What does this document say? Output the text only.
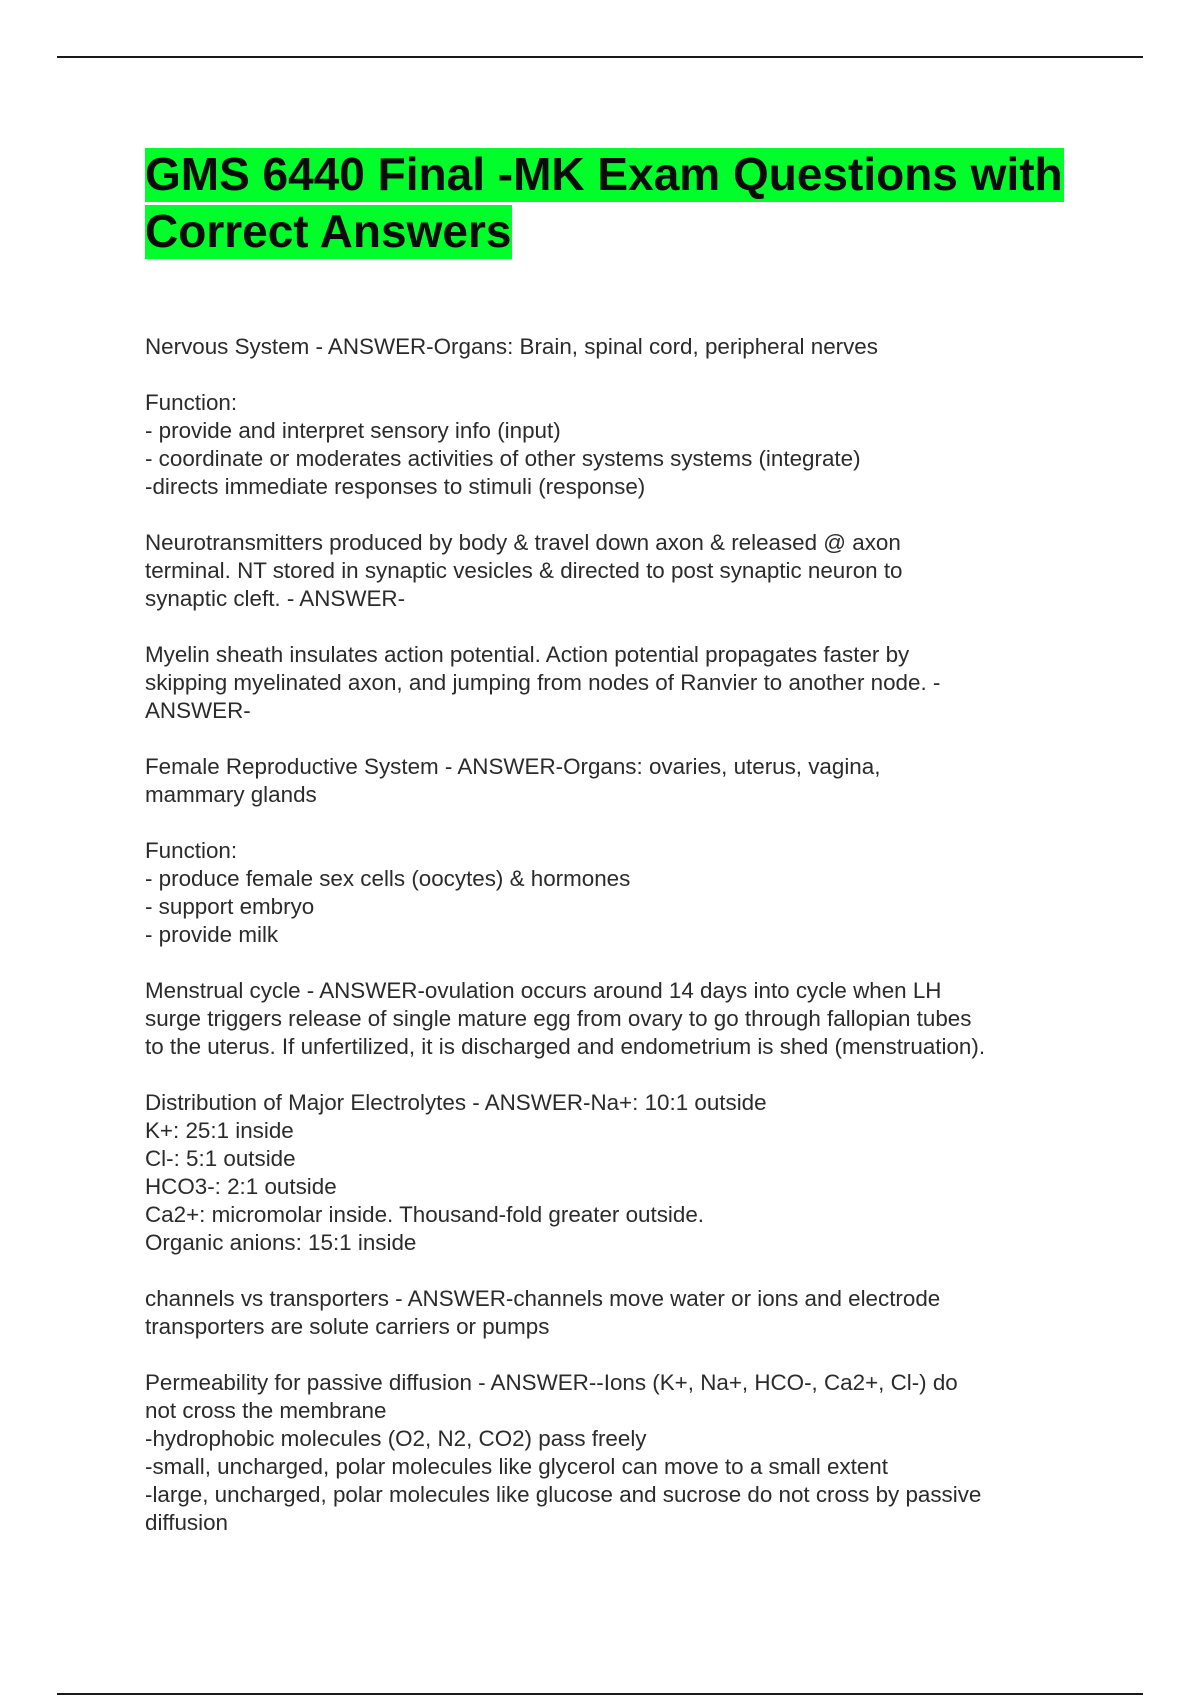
GMS 6440 Final -MK Exam Questions with Correct Answers

Nervous System - ANSWER-Organs: Brain, spinal cord, peripheral nerves

Function:
- provide and interpret sensory info (input)
- coordinate or moderates activities of other systems systems (integrate)
-directs immediate responses to stimuli (response)

Neurotransmitters produced by body & travel down axon & released @ axon
terminal. NT stored in synaptic vesicles & directed to post synaptic neuron to
synaptic cleft. - ANSWER-

Myelin sheath insulates action potential. Action potential propagates faster by
skipping myelinated axon, and jumping from nodes of Ranvier to another node. -
ANSWER-

Female Reproductive System - ANSWER-Organs: ovaries, uterus, vagina,
mammary glands

Function:
- produce female sex cells (oocytes) & hormones
- support embryo
- provide milk

Menstrual cycle - ANSWER-ovulation occurs around 14 days into cycle when LH
surge triggers release of single mature egg from ovary to go through fallopian tubes
to the uterus. If unfertilized, it is discharged and endometrium is shed (menstruation).

Distribution of Major Electrolytes - ANSWER-Na+: 10:1 outside
K+: 25:1 inside
Cl-: 5:1 outside
HCO3-: 2:1 outside
Ca2+: micromolar inside. Thousand-fold greater outside.
Organic anions: 15:1 inside

channels vs transporters - ANSWER-channels move water or ions and electrode
transporters are solute carriers or pumps

Permeability for passive diffusion - ANSWER--Ions (K+, Na+, HCO-, Ca2+, Cl-) do
not cross the membrane
-hydrophobic molecules (O2, N2, CO2) pass freely
-small, uncharged, polar molecules like glycerol can move to a small extent
-large, uncharged, polar molecules like glucose and sucrose do not cross by passive
diffusion
